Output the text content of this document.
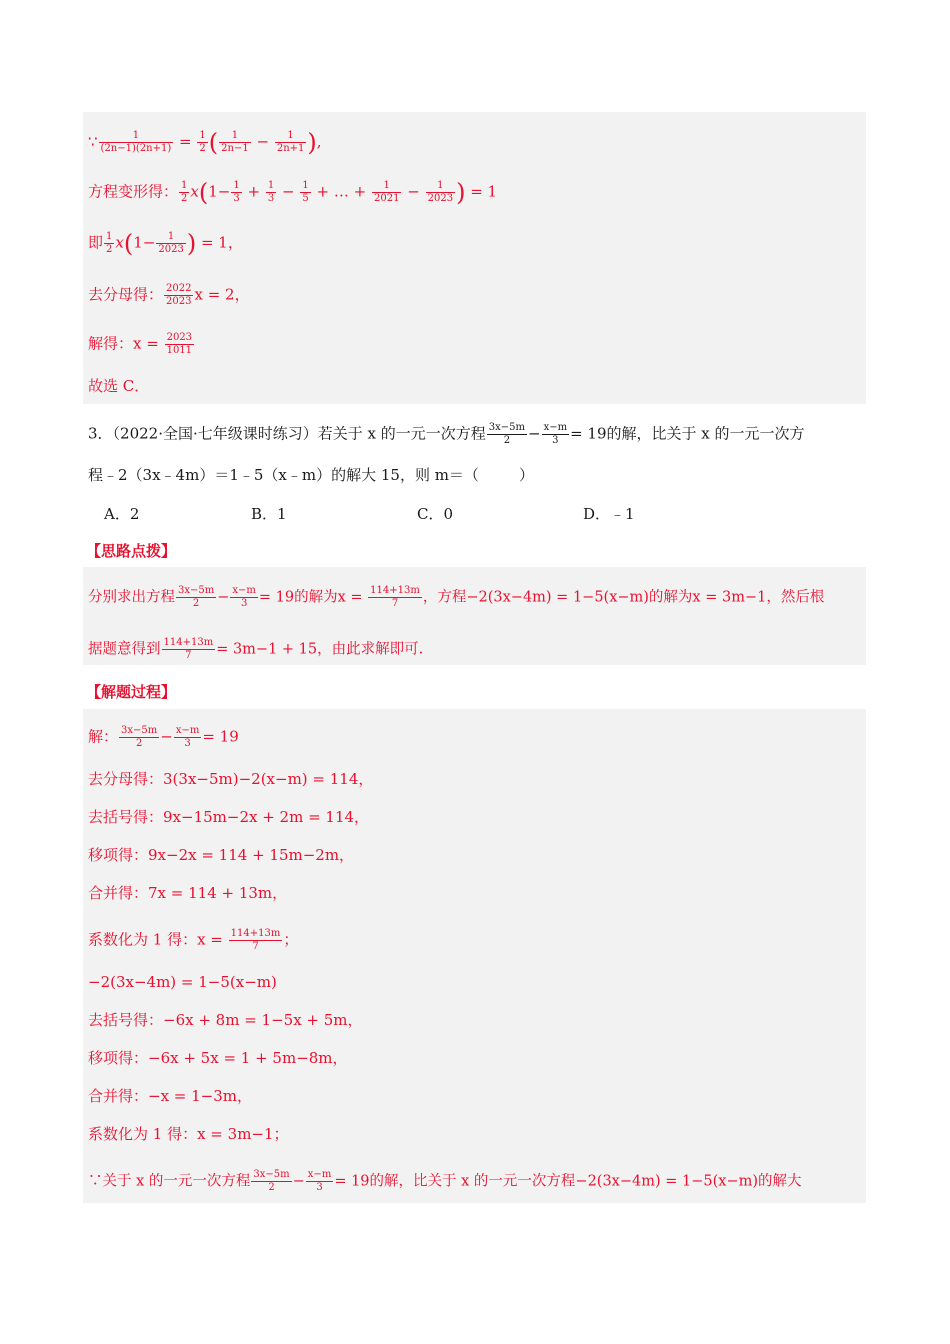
∵ $\frac{1}{(2n-1)(2n+1)} = \frac{1}{2}$ ( $\frac{1}{2n-1} - \frac{1}{2n+1}$ ),
方程变形得： $\frac{1}{2} x(1- \frac{1}{3} + \frac{1}{3} - \frac{1}{5}$ + … + $\frac{1}{2021} - \frac{1}{2023}$ ) = 1
即 $\frac{1}{2} x(1- \frac{1}{2023}$ ) = 1，
去分母得： $\frac{2022}{2023}$ x = 2，
解得：$x = \frac{2023}{1011}$
故选 C．
3．（2022·全国·七年级课时练习）若关于 x 的一元一次方程 $\frac{3x-5m}{2} - \frac{x-m}{3} = 19$的解，比关于 x 的一元一次方
程﹣2（3x﹣4m）＝1﹣5（x﹣m）的解大 15，则 m＝（	）
A．2	B．1	C．0	D．﹣1
【思路点拨】
分别求出方程 $\frac{3x-5m}{2} - \frac{x-m}{3} = 19$的解为$x = \frac{114+13m}{7}$ ，方程−2(3x−4m) = 1−5(x−m)的解为x = 3m−1，然后根
据题意得到 $\frac{114+13m}{7} = 3m-1 + 15$，由此求解即可.
【解题过程】
解： $\frac{3x-5m}{2} - \frac{x-m}{3} = 19$
去分母得：3(3x−5m)−2(x−m) = 114，
去括号得：9x−15m−2x + 2m = 114，
移项得：9x−2x = 114 + 15m−2m，
合并得：7x = 114 + 13m，
系数化为 1 得：$x = \frac{114+13m}{7}$ ；
−2(3x−4m) = 1−5(x−m)
去括号得：−6x + 8m = 1−5x + 5m，
移项得：−6x + 5x = 1 + 5m−8m，
合并得：−x = 1−3m，
系数化为 1 得：x = 3m−1；
∵关于 x 的一元一次方程 $\frac{3x-5m}{2} - \frac{x-m}{3} = 19$的解，比关于 x 的一元一次方程−2(3x−4m) = 1−5(x−m)的解大
